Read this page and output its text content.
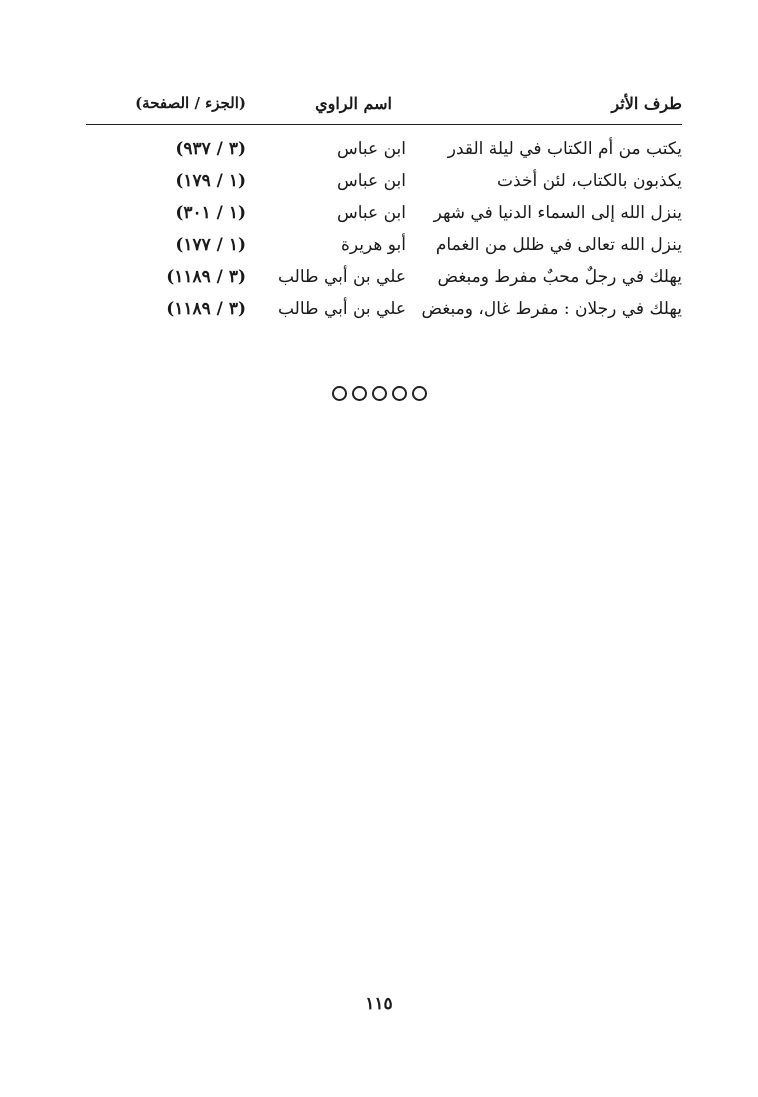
طرف الأثر
اسم الراوي
(الجزء / الصفحة)
يكتب من أم الكتاب في ليلة القدر
ابن عباس
(٣ / ٩٣٧)
يكذبون بالكتاب، لئن أخذت
ابن عباس
(١ / ١٧٩)
ينزل الله إلى السماء الدنيا في شهر
ابن عباس
(١ / ٣٠١)
ينزل الله تعالى في ظلل من الغمام
أبو هريرة
(١ / ١٧٧)
يهلك في رجلٌ محبٌ مفرط ومبغض
علي بن أبي طالب
(٣ / ١١٨٩)
يهلك في رجلان : مفرط غال، ومبغض
علي بن أبي طالب
(٣ / ١١٨٩)
١١٥
